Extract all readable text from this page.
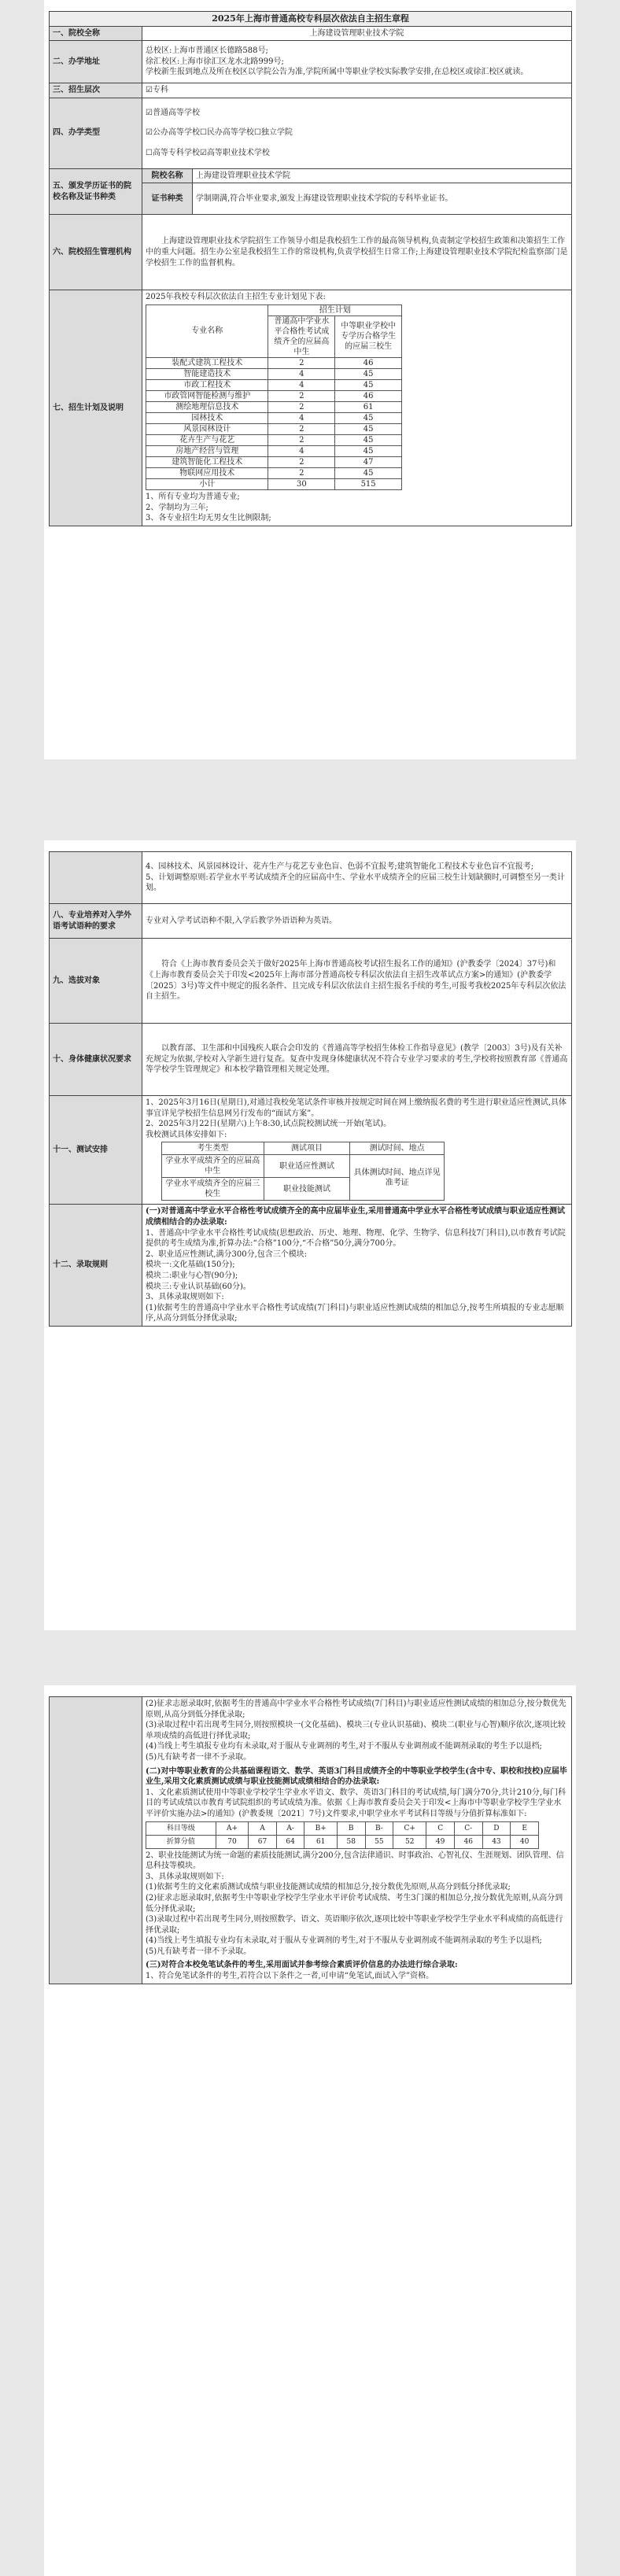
2025年上海市普通高校专科层次依法自主招生章程
一、院校全称	上海建设管理职业技术学院
二、办学地址	

总校区:上海市普通区长德路588号;

徐汇校区:上海市徐汇区龙水北路999号;

学校新生报到地点及所在校区以学院公告为准,学院所属中等职业学校实际教学安排,在总校区或徐汇校区就读。

三、招生层次	☑专科
四、办学类型	

☑普通高等学校

☑公办高等学校☐民办高等学校☐独立学院

☐高等专科学校☑高等职业技术学校

五、颁发学历证书的院校名称及证书种类	院校名称	上海建设管理职业技术学院
证书种类	学制期满,符合毕业要求,颁发上海建设管理职业技术学院的专科毕业证书。
六、院校招生管理机构	

上海建设管理职业技术学院招生工作领导小组是我校招生工作的最高领导机构,负责制定学校招生政策和决策招生工作中的重大问题。招生办公室是我校招生工作的常设机构,负责学校招生日常工作;上海建设管理职业技术学院纪检监察部门是学校招生工作的监督机构。

七、招生计划及说明	

2025年我校专科层次依法自主招生专业计划见下表:

专业名称	招生计划
普通高中学业水平合格性考试成绩齐全的应届高中生	中等职业学校中专学历合格学生的应届三校生
装配式建筑工程技术	2	46
智能建造技术	4	45
市政工程技术	4	45
市政管网智能检测与维护	2	46
测绘地理信息技术	2	61
园林技术	4	45
风景园林设计	2	45
花卉生产与花艺	2	45
房地产经营与管理	4	45
建筑智能化工程技术	2	47
物联网应用技术	2	45
小计	30	515

1、所有专业均为普通专业;

2、学制均为三年;

3、各专业招生均无男女生比例限制;

4、园林技术、风景园林设计、花卉生产与花艺专业色盲、色弱不宜报考;建筑智能化工程技术专业色盲不宜报考;

5、计划调整原则:若学业水平考试成绩齐全的应届高中生、学业水平成绩齐全的应届三校生计划缺额时,可调整至另一类计划。

八、专业培养对入学外语考试语种的要求	专业对入学考试语种不限,入学后教学外语语种为英语。
九、选拔对象	

符合《上海市教育委员会关于做好2025年上海市普通高校考试招生报名工作的通知》(沪教委学〔2024〕37号)和《上海市教育委员会关于印发<2025年上海市部分普通高校专科层次依法自主招生改革试点方案>的通知》(沪教委学〔2025〕3号)等文件中规定的报名条件、且完成专科层次依法自主招生报名手续的考生,可报考我校2025年专科层次依法自主招生。

十、身体健康状况要求	

以教育部、卫生部和中国残疾人联合会印发的《普通高等学校招生体检工作指导意见》(教学〔2003〕3号)及有关补充规定为依据,学校对入学新生进行复查。复查中发现身体健康状况不符合专业学习要求的考生,学校将按照教育部《普通高等学校学生管理规定》和本校学籍管理相关规定处理。

十一、测试安排	

1、2025年3月16日(星期日),对通过我校免笔试条件审核并按规定时间在网上缴纳报名费的考生进行职业适应性测试,具体事宜详见学校招生信息网另行发布的“面试方案”。

2、2025年3月22日(星期六)上午8:30,试点院校测试统一开始(笔试)。

我校测试具体安排如下:

考生类型	测试项目	测试时间、地点
学业水平成绩齐全的应届高中生	职业适应性测试	具体测试时间、地点详见准考证
学业水平成绩齐全的应届三校生	职业技能测试

十二、录取规则	

(一)对普通高中学业水平合格性考试成绩齐全的高中应届毕业生,采用普通高中学业水平合格性考试成绩与职业适应性测试成绩相结合的办法录取:

1、普通高中学业水平合格性考试成绩(思想政治、历史、地理、物理、化学、生物学、信息科技7门科目),以市教育考试院提供的考生成绩为准,折算办法:“合格”100分,“不合格”50分,满分700分。

2、职业适应性测试,满分300分,包含三个模块:

模块一:文化基础(150分);

模块二:职业与心智(90分);

模块三:专业认识基础(60分)。

3、具体录取规则如下:

(1)依据考生的普通高中学业水平合格性考试成绩(7门科目)与职业适应性测试成绩的相加总分,按考生所填报的专业志愿顺序,从高分到低分择优录取;

(2)征求志愿录取时,依据考生的普通高中学业水平合格性考试成绩(7门科目)与职业适应性测试成绩的相加总分,按分数优先原则,从高分到低分择优录取;

(3)录取过程中若出现考生同分,则按照模块一(文化基础)、模块三(专业认识基础)、模块二(职业与心智)顺序依次,逐项比较单项成绩的高低进行择优录取;

(4)当线上考生填报专业均有未录取,对于服从专业调剂的考生,对于不服从专业调剂或不能调剂录取的考生予以退档;

(5)凡有缺考者一律不予录取。

(二)对中等职业教育的公共基础课程语文、数学、英语3门科目成绩齐全的中等职业学校学生(含中专、职校和技校)应届毕业生,采用文化素质测试成绩与职业技能测试成绩相结合的办法录取:

1、文化素质测试使用中等职业学校学生学业水平语文、数学、英语3门科目的考试成绩,每门满分70分,共计210分,每门科目的考试成绩以市教育考试院组织的考试成绩为准。依据《上海市教育委员会关于印发<上海市中等职业学校学生学业水平评价实施办法>的通知》(沪教委规〔2021〕7号)文件要求,中职学业水平考试科目等级与分值折算标准如下:

科目等级	A+	A	A-	B+	B	B-	C+	C	C-	D	E
折算分值	70	67	64	61	58	55	52	49	46	43	40

2、职业技能测试为统一命题的素质技能测试,满分200分,包含法律通识、时事政治、心智礼仪、生涯规划、团队管理、信息科技等模块。

3、具体录取规则如下:

(1)依据考生的文化素质测试成绩与职业技能测试成绩的相加总分,按分数优先原则,从高分到低分择优录取;

(2)征求志愿录取时,依据考生中等职业学校学生学业水平评价考试成绩、考生3门课的相加总分,按分数优先原则,从高分到低分择优录取;

(3)录取过程中若出现考生同分,则按照数学、语文、英语顺序依次,逐项比较中等职业学校学生学业水平科成绩的高低进行择优录取;

(4)当线上考生填报专业均有未录取,对于服从专业调剂的考生,对于不服从专业调剂或不能调剂录取的考生予以退档;

(5)凡有缺考者一律不予录取。

(三)对符合本校免笔试条件的考生,采用面试并参考综合素质评价信息的办法进行综合录取:

1、符合免笔试条件的考生,若符合以下条件之一者,可申请“免笔试,面试入学”资格。
